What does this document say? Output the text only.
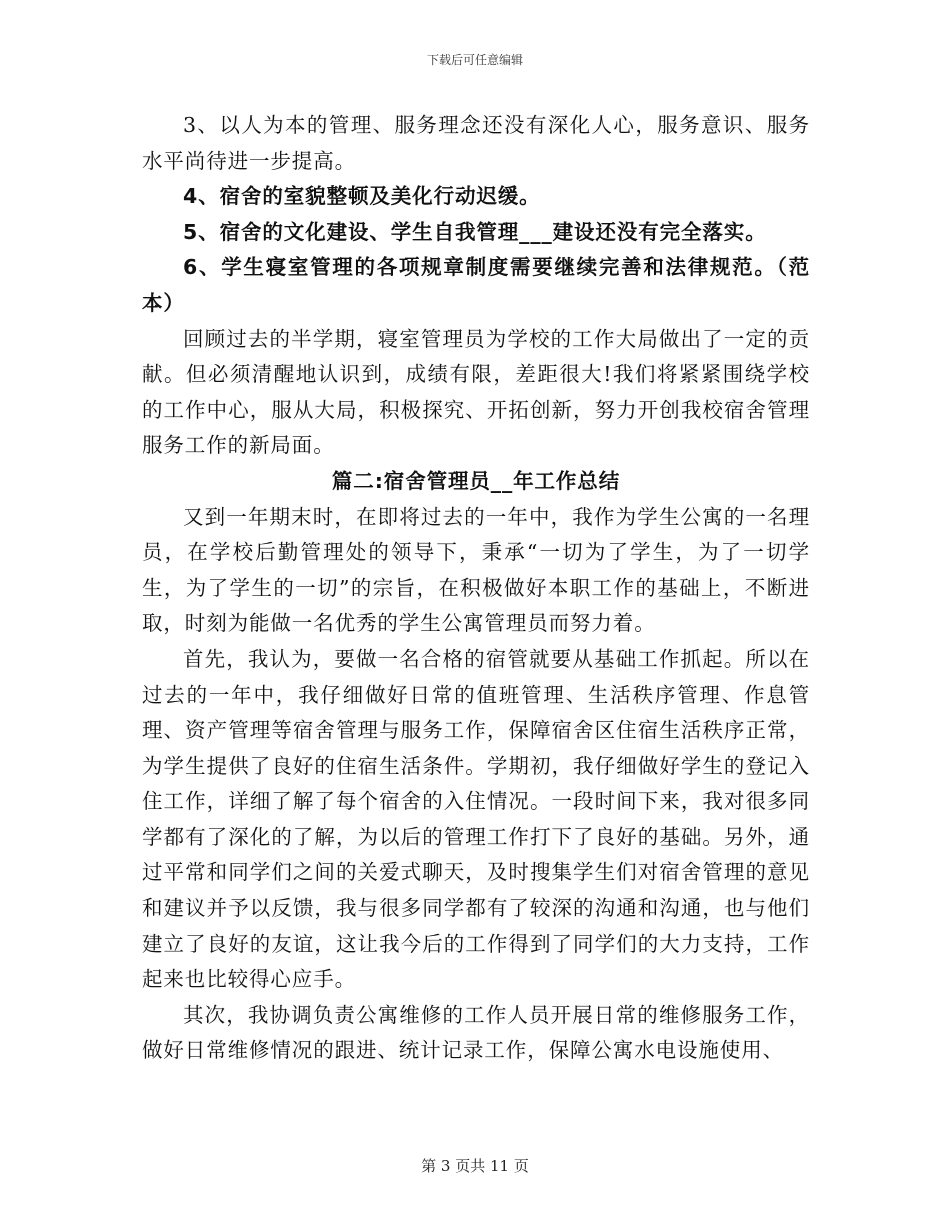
下载后可任意编辑

3、以人为本的管理、服务理念还没有深化人心，服务意识、服务水平尚待进一步提高。

4、宿舍的室貌整顿及美化行动迟缓。

5、宿舍的文化建设、学生自我管理___建设还没有完全落实。

6、学生寝室管理的各项规章制度需要继续完善和法律规范。（范本）

回顾过去的半学期，寝室管理员为学校的工作大局做出了一定的贡献。但必须清醒地认识到，成绩有限，差距很大!我们将紧紧围绕学校的工作中心，服从大局，积极探究、开拓创新，努力开创我校宿舍管理服务工作的新局面。

篇二:宿舍管理员__年工作总结

又到一年期末时，在即将过去的一年中，我作为学生公寓的一名理员，在学校后勤管理处的领导下，秉承“一切为了学生，为了一切学生，为了学生的一切”的宗旨，在积极做好本职工作的基础上，不断进取，时刻为能做一名优秀的学生公寓管理员而努力着。

首先，我认为，要做一名合格的宿管就要从基础工作抓起。所以在过去的一年中，我仔细做好日常的值班管理、生活秩序管理、作息管理、资产管理等宿舍管理与服务工作，保障宿舍区住宿生活秩序正常，为学生提供了良好的住宿生活条件。学期初，我仔细做好学生的登记入住工作，详细了解了每个宿舍的入住情况。一段时间下来，我对很多同学都有了深化的了解，为以后的管理工作打下了良好的基础。另外，通过平常和同学们之间的关爱式聊天，及时搜集学生们对宿舍管理的意见和建议并予以反馈，我与很多同学都有了较深的沟通和沟通，也与他们建立了良好的友谊，这让我今后的工作得到了同学们的大力支持，工作起来也比较得心应手。

其次，我协调负责公寓维修的工作人员开展日常的维修服务工作，做好日常维修情况的跟进、统计记录工作，保障公寓水电设施使用、

第 3 页共 11 页
